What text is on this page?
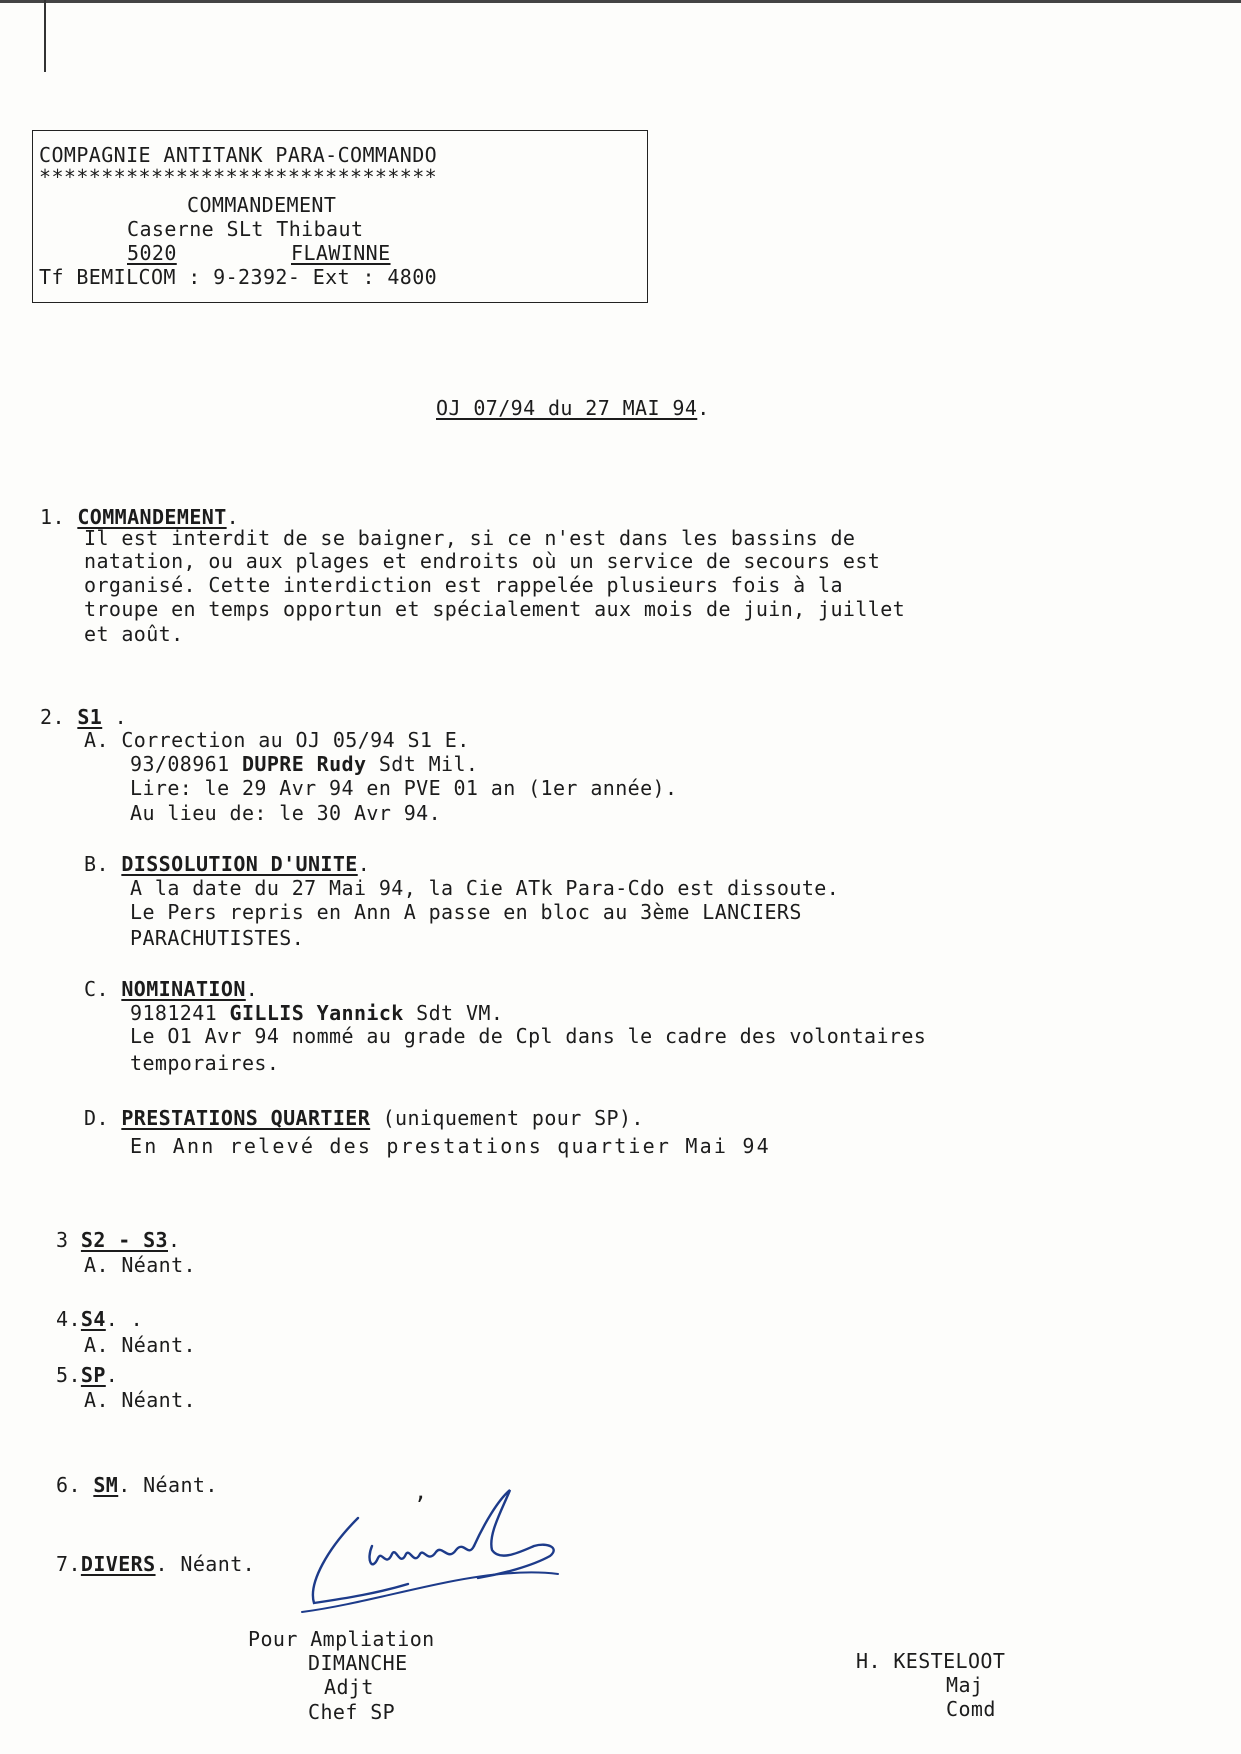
COMPAGNIE ANTITANK PARA-COMMANDO
********************************
COMMANDEMENT
Caserne SLt Thibaut
5020	FLAWINNE
Tf BEMILCOM : 9-2392- Ext : 4800
OJ 07/94 du 27 MAI 94.
1. COMMANDEMENT.
Il est interdit de se baigner, si ce n'est dans les bassins de
natation, ou aux plages et endroits où un service de secours est
organisé. Cette interdiction est rappelée plusieurs fois à la
troupe en temps opportun et spécialement aux mois de juin, juillet
et août.
2. S1 .
A. Correction au OJ 05/94 S1 E.
93/08961 DUPRE Rudy Sdt Mil.
Lire: le 29 Avr 94 en PVE 01 an (1er année).
Au lieu de: le 30 Avr 94.
B. DISSOLUTION D'UNITE.
A la date du 27 Mai 94, la Cie ATk Para-Cdo est dissoute.
Le Pers repris en Ann A passe en bloc au 3ème LANCIERS
PARACHUTISTES.
C. NOMINATION.
9181241 GILLIS Yannick Sdt VM.
Le O1 Avr 94 nommé au grade de Cpl dans le cadre des volontaires
temporaires.
D. PRESTATIONS QUARTIER (uniquement pour SP).
En Ann relevé des prestations quartier Mai 94
3 S2 - S3.
A. Néant.
4.S4. .
A. Néant.
5.SP.
A. Néant.
6. SM. Néant.	,
7.DIVERS. Néant.
Pour Ampliation
DIMANCHE
Adjt
Chef SP
H. KESTELOOT
Maj
Comd
